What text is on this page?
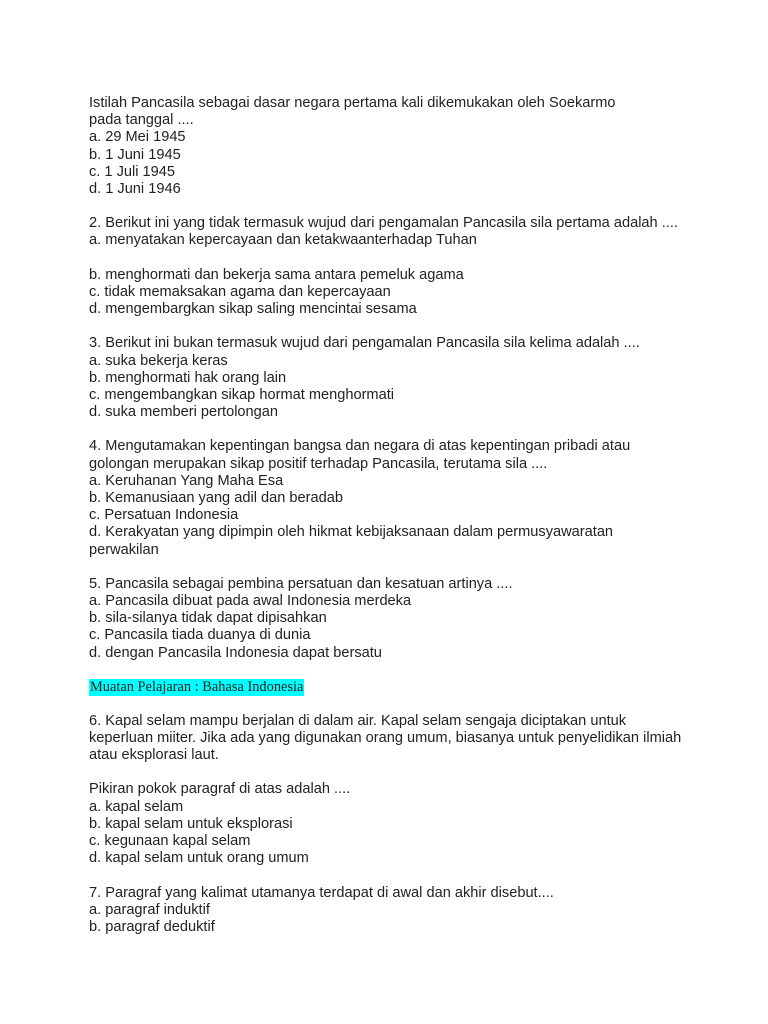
Istilah Pancasila sebagai dasar negara pertama kali dikemukakan oleh Soekarmo pada tanggal ....
a. 29 Mei 1945
b. 1 Juni 1945
c. 1 Juli 1945
d. 1 Juni 1946
2. Berikut ini yang tidak termasuk wujud dari pengamalan Pancasila sila pertama adalah ....
a. menyatakan kepercayaan dan ketakwaanterhadap Tuhan
b. menghormati dan bekerja sama antara pemeluk agama
c. tidak memaksakan agama dan kepercayaan
d. mengembargkan sikap saling mencintai sesama
3. Berikut ini bukan termasuk wujud dari pengamalan Pancasila sila kelima adalah ....
a. suka bekerja keras
b. menghormati hak orang lain
c. mengembangkan sikap hormat menghormati
d. suka memberi pertolongan
4. Mengutamakan kepentingan bangsa dan negara di atas kepentingan pribadi atau
golongan merupakan sikap positif terhadap Pancasila, terutama sila ....
a. Keruhanan Yang Maha Esa
b. Kemanusiaan yang adil dan beradab
c. Persatuan Indonesia
d. Kerakyatan yang dipimpin oleh hikmat kebijaksanaan dalam permusyawaratan
perwakilan
5. Pancasila sebagai pembina persatuan dan kesatuan artinya ....
a. Pancasila dibuat pada awal Indonesia merdeka
b. sila-silanya tidak dapat dipisahkan
c. Pancasila tiada duanya di dunia
d. dengan Pancasila Indonesia dapat bersatu
Muatan Pelajaran : Bahasa Indonesia
6. Kapal selam mampu berjalan di dalam air. Kapal selam sengaja diciptakan untuk
keperluan miiter. Jika ada yang digunakan orang umum, biasanya untuk penyelidikan ilmiah
atau eksplorasi laut.
Pikiran pokok paragraf di atas adalah ....
a. kapal selam
b. kapal selam untuk eksplorasi
c. kegunaan kapal selam
d. kapal selam untuk orang umum
7. Paragraf yang kalimat utamanya terdapat di awal dan akhir disebut....
a. paragraf induktif
b. paragraf deduktif
